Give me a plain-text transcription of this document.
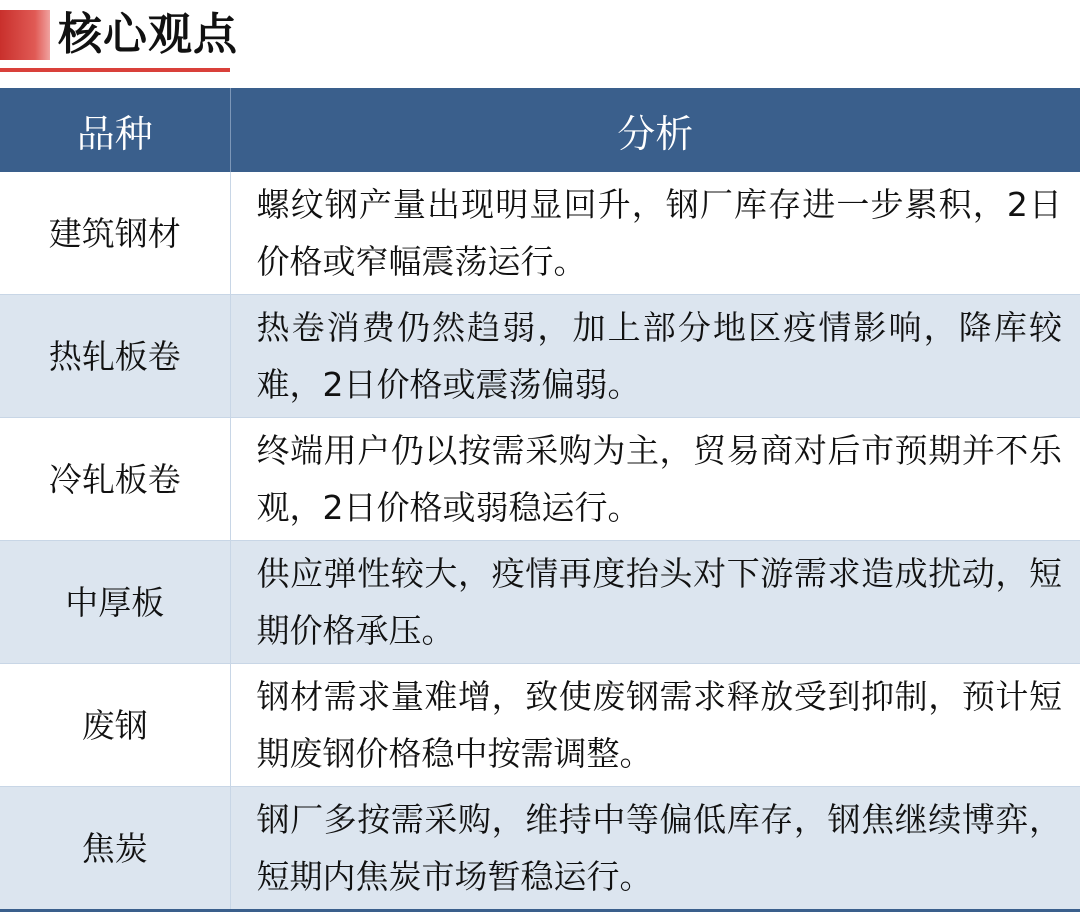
核心观点
品种	分析
建筑钢材	螺纹钢产量出现明显回升，钢厂库存进一步累积，2日价格或窄幅震荡运行。
热轧板卷	热卷消费仍然趋弱，加上部分地区疫情影响，降库较难，2日价格或震荡偏弱。
冷轧板卷	终端用户仍以按需采购为主，贸易商对后市预期并不乐观，2日价格或弱稳运行。
中厚板	供应弹性较大，疫情再度抬头对下游需求造成扰动，短期价格承压。
废钢	钢材需求量难增，致使废钢需求释放受到抑制，预计短期废钢价格稳中按需调整。
焦炭	钢厂多按需采购，维持中等偏低库存，钢焦继续博弈，短期内焦炭市场暂稳运行。
